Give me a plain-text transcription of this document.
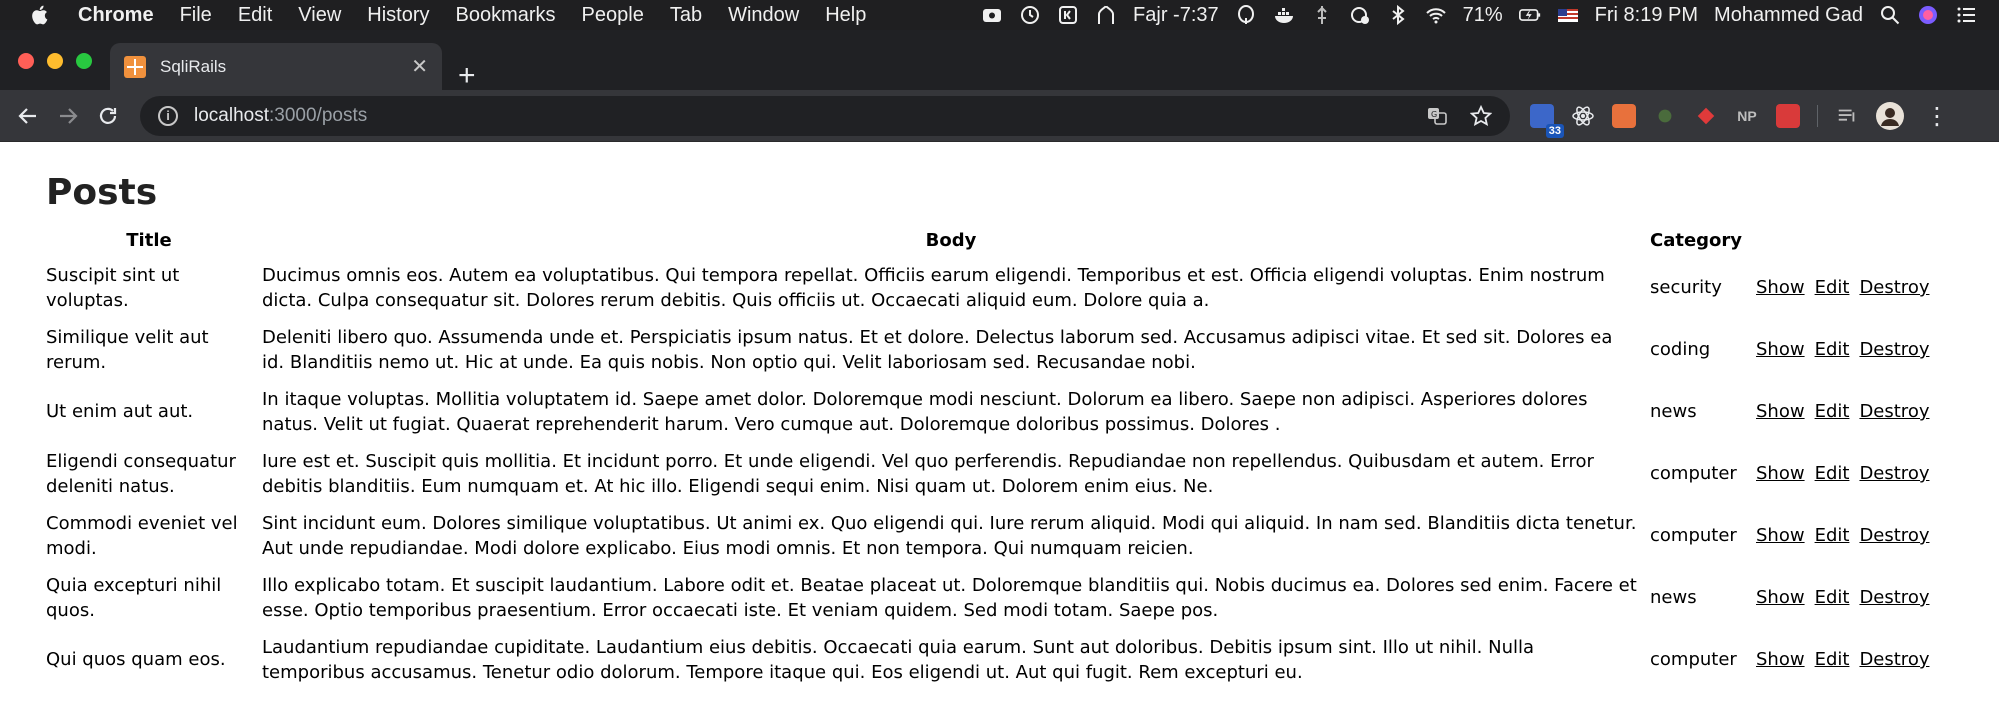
Chrome	File	Edit	View	History	Bookmarks	People	Tab	Window	Help	Fajr -7:37	71%	Fri 8:19 PM Mohammed Gad
SqliRails	✕ +
i	localhost :3000/posts	G
33
NP	⋮
Posts
Title	Body	Category			
Suscipit sint ut voluptas.	Ducimus omnis eos. Autem ea voluptatibus. Qui tempora repellat. Officiis earum eligendi. Temporibus et est. Officia eligendi voluptas. Enim nostrum dicta. Culpa consequatur sit. Dolores rerum debitis. Quis officiis ut. Occaecati aliquid eum. Dolore quia a.	security	Show	Edit	Destroy
Similique velit aut rerum.	Deleniti libero quo. Assumenda unde et. Perspiciatis ipsum natus. Et et dolore. Delectus laborum sed. Accusamus adipisci vitae. Et sed sit. Dolores ea id. Blanditiis nemo ut. Hic at unde. Ea quis nobis. Non optio qui. Velit laboriosam sed. Recusandae nobi.	coding	Show	Edit	Destroy
Ut enim aut aut.	In itaque voluptas. Mollitia voluptatem id. Saepe amet dolor. Doloremque modi nesciunt. Dolorum ea libero. Saepe non adipisci. Asperiores dolores natus. Velit ut fugiat. Quaerat reprehenderit harum. Vero cumque aut. Doloremque doloribus possimus. Dolores .	news	Show	Edit	Destroy
Eligendi consequatur deleniti natus.	Iure est et. Suscipit quis mollitia. Et incidunt porro. Et unde eligendi. Vel quo perferendis. Repudiandae non repellendus. Quibusdam et autem. Error debitis blanditiis. Eum numquam et. At hic illo. Eligendi sequi enim. Nisi quam ut. Dolorem enim eius. Ne.	computer	Show	Edit	Destroy
Commodi eveniet vel modi.	Sint incidunt eum. Dolores similique voluptatibus. Ut animi ex. Quo eligendi qui. Iure rerum aliquid. Modi qui aliquid. In nam sed. Blanditiis dicta tenetur. Aut unde repudiandae. Modi dolore explicabo. Eius modi omnis. Et non tempora. Qui numquam reicien.	computer	Show	Edit	Destroy
Quia excepturi nihil quos.	Illo explicabo totam. Et suscipit laudantium. Labore odit et. Beatae placeat ut. Doloremque blanditiis qui. Nobis ducimus ea. Dolores sed enim. Facere et esse. Optio temporibus praesentium. Error occaecati iste. Et veniam quidem. Sed modi totam. Saepe pos.	news	Show	Edit	Destroy
Qui quos quam eos.	Laudantium repudiandae cupiditate. Laudantium eius debitis. Occaecati quia earum. Sunt aut doloribus. Debitis ipsum sint. Illo ut nihil. Nulla temporibus accusamus. Tenetur odio dolorum. Tempore itaque qui. Eos eligendi ut. Aut qui fugit. Rem excepturi eu.	computer	Show	Edit	Destroy
